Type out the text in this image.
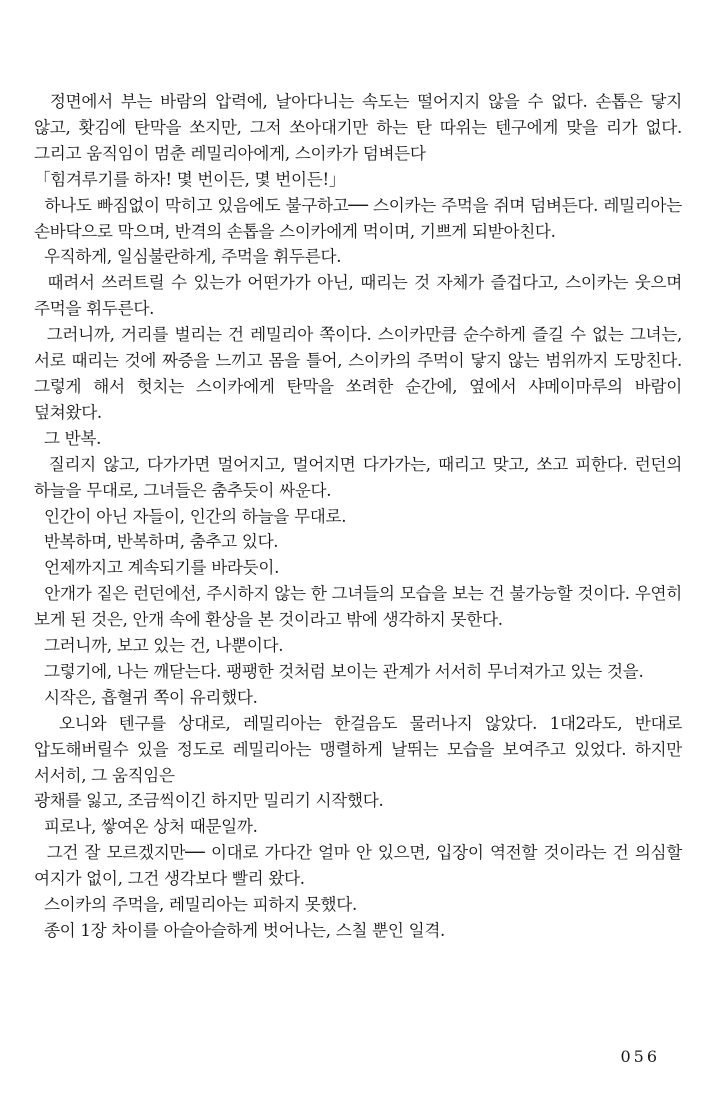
정면에서 부는 바람의 압력에, 날아다니는 속도는 떨어지지 않을 수 없다. 손톱은 닿지 않고, 홧김에 탄막을 쏘지만, 그저 쏘아대기만 하는 탄 따위는 텐구에게 맞을 리가 없다. 그리고 움직임이 멈춘 레밀리아에게, 스이카가 덤벼든다

「힘겨루기를 하자! 몇 번이든, 몇 번이든!」

하나도 빠짐없이 막히고 있음에도 불구하고── 스이카는 주먹을 쥐며 덤벼든다. 레밀리아는 손바닥으로 막으며, 반격의 손톱을 스이카에게 먹이며, 기쁘게 되받아친다.

우직하게, 일심불란하게, 주먹을 휘두른다.

때려서 쓰러트릴 수 있는가 어떤가가 아닌, 때리는 것 자체가 즐겁다고, 스이카는 웃으며 주먹을 휘두른다.

그러니까, 거리를 벌리는 건 레밀리아 쪽이다. 스이카만큼 순수하게 즐길 수 없는 그녀는, 서로 때리는 것에 짜증을 느끼고 몸을 틀어, 스이카의 주먹이 닿지 않는 범위까지 도망친다. 그렇게 해서 헛치는 스이카에게 탄막을 쏘려한 순간에, 옆에서 샤메이마루의 바람이 덮쳐왔다.

그 반복.

질리지 않고, 다가가면 멀어지고, 멀어지면 다가가는, 때리고 맞고, 쏘고 피한다. 런던의 하늘을 무대로, 그녀들은 춤추듯이 싸운다.

인간이 아닌 자들이, 인간의 하늘을 무대로.

반복하며, 반복하며, 춤추고 있다.

언제까지고 계속되기를 바라듯이.

안개가 짙은 런던에선, 주시하지 않는 한 그녀들의 모습을 보는 건 불가능할 것이다. 우연히 보게 된 것은, 안개 속에 환상을 본 것이라고 밖에 생각하지 못한다.

그러니까, 보고 있는 건, 나뿐이다.

그렇기에, 나는 깨닫는다. 팽팽한 것처럼 보이는 관계가 서서히 무너져가고 있는 것을.

시작은, 흡혈귀 쪽이 유리했다.

오니와 텐구를 상대로, 레밀리아는 한걸음도 물러나지 않았다. 1대2라도, 반대로 압도해버릴수 있을 정도로 레밀리아는 맹렬하게 날뛰는 모습을 보여주고 있었다. 하지만 서서히, 그 움직임은

광채를 잃고, 조금씩이긴 하지만 밀리기 시작했다.

피로나, 쌓여온 상처 때문일까.

그건 잘 모르겠지만── 이대로 가다간 얼마 안 있으면, 입장이 역전할 것이라는 건 의심할 여지가 없이, 그건 생각보다 빨리 왔다.

스이카의 주먹을, 레밀리아는 피하지 못했다.

종이 1장 차이를 아슬아슬하게 벗어나는, 스칠 뿐인 일격.

056
